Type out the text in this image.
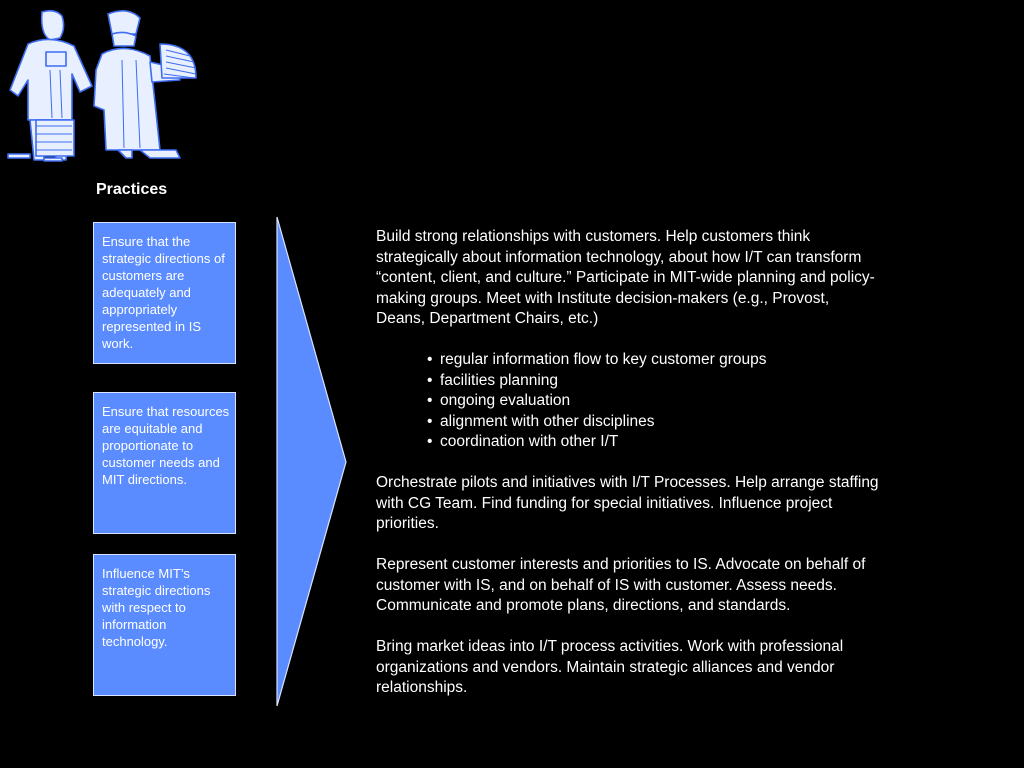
Practices
Ensure that the strategic directions of customers are adequately and appropriately represented in IS work.
Ensure that resources are equitable and proportionate to customer needs and MIT directions.
Influence MIT’s strategic directions with respect to information technology.

Build strong relationships with customers. Help customers think strategically about information technology, about how I/T can transform “content, client, and culture.” Participate in MIT-wide planning and policy-making groups. Meet with Institute decision-makers (e.g., Provost, Deans, Department Chairs, etc.)

• regular information flow to key customer groups
• facilities planning
• ongoing evaluation
• alignment with other disciplines
• coordination with other I/T

Orchestrate pilots and initiatives with I/T Processes. Help arrange staffing with CG Team. Find funding for special initiatives. Influence project priorities.

Represent customer interests and priorities to IS. Advocate on behalf of customer with IS, and on behalf of IS with customer. Assess needs. Communicate and promote plans, directions, and standards.

Bring market ideas into I/T process activities. Work with professional organizations and vendors. Maintain strategic alliances and vendor relationships.
